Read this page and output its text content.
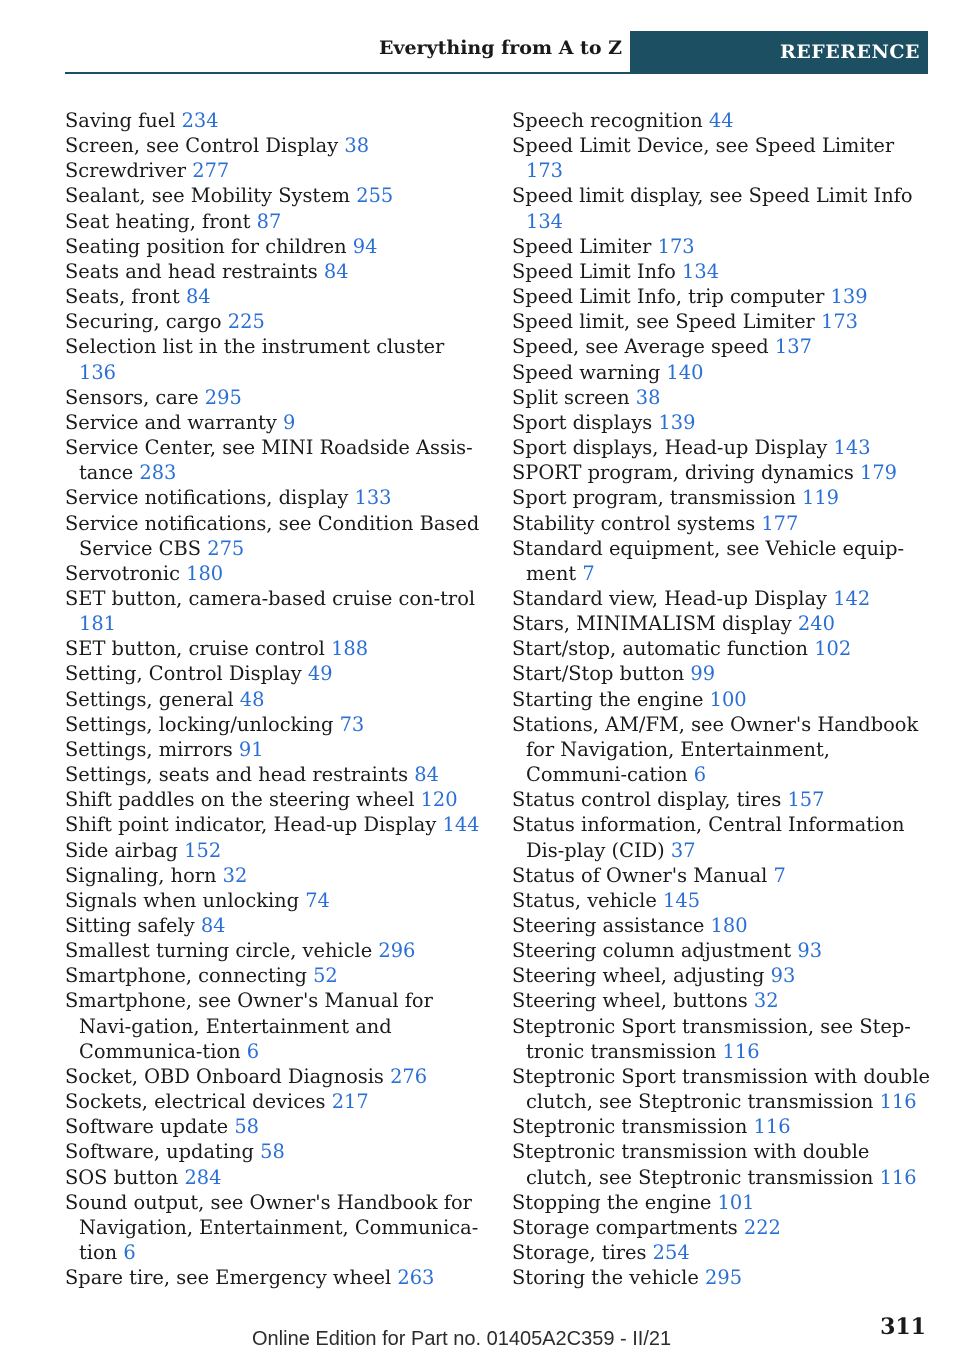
Everything from A to Z	REFERENCE
Saving fuel 234
Screen, see Control Display 38
Screwdriver 277
Sealant, see Mobility System 255
Seat heating, front 87
Seating position for children 94
Seats and head restraints 84
Seats, front 84
Securing, cargo 225
Selection list in the instrument cluster 136
Sensors, care 295
Service and warranty 9
Service Center, see MINI Roadside Assis-tance 283
Service notifications, display 133
Service notifications, see Condition Based Service CBS 275
Servotronic 180
SET button, camera-based cruise con-trol 181
SET button, cruise control 188
Setting, Control Display 49
Settings, general 48
Settings, locking/unlocking 73
Settings, mirrors 91
Settings, seats and head restraints 84
Shift paddles on the steering wheel 120
Shift point indicator, Head-up Display 144
Side airbag 152
Signaling, horn 32
Signals when unlocking 74
Sitting safely 84
Smallest turning circle, vehicle 296
Smartphone, connecting 52
Smartphone, see Owner's Manual for Navi-gation, Entertainment and Communica-tion 6
Socket, OBD Onboard Diagnosis 276
Sockets, electrical devices 217
Software update 58
Software, updating 58
SOS button 284
Sound output, see Owner's Handbook for Navigation, Entertainment, Communica-tion 6
Spare tire, see Emergency wheel 263
Speech recognition 44
Speed Limit Device, see Speed Limiter 173
Speed limit display, see Speed Limit Info 134
Speed Limiter 173
Speed Limit Info 134
Speed Limit Info, trip computer 139
Speed limit, see Speed Limiter 173
Speed, see Average speed 137
Speed warning 140
Split screen 38
Sport displays 139
Sport displays, Head-up Display 143
SPORT program, driving dynamics 179
Sport program, transmission 119
Stability control systems 177
Standard equipment, see Vehicle equip-ment 7
Standard view, Head-up Display 142
Stars, MINIMALISM display 240
Start/stop, automatic function 102
Start/Stop button 99
Starting the engine 100
Stations, AM/FM, see Owner's Handbook for Navigation, Entertainment, Communi-cation 6
Status control display, tires 157
Status information, Central Information Dis-play (CID) 37
Status of Owner's Manual 7
Status, vehicle 145
Steering assistance 180
Steering column adjustment 93
Steering wheel, adjusting 93
Steering wheel, buttons 32
Steptronic Sport transmission, see Step-tronic transmission 116
Steptronic Sport transmission with double clutch, see Steptronic transmission 116
Steptronic transmission 116
Steptronic transmission with double clutch, see Steptronic transmission 116
Stopping the engine 101
Storage compartments 222
Storage, tires 254
Storing the vehicle 295
Online Edition for Part no. 01405A2C359 - II/21	311
